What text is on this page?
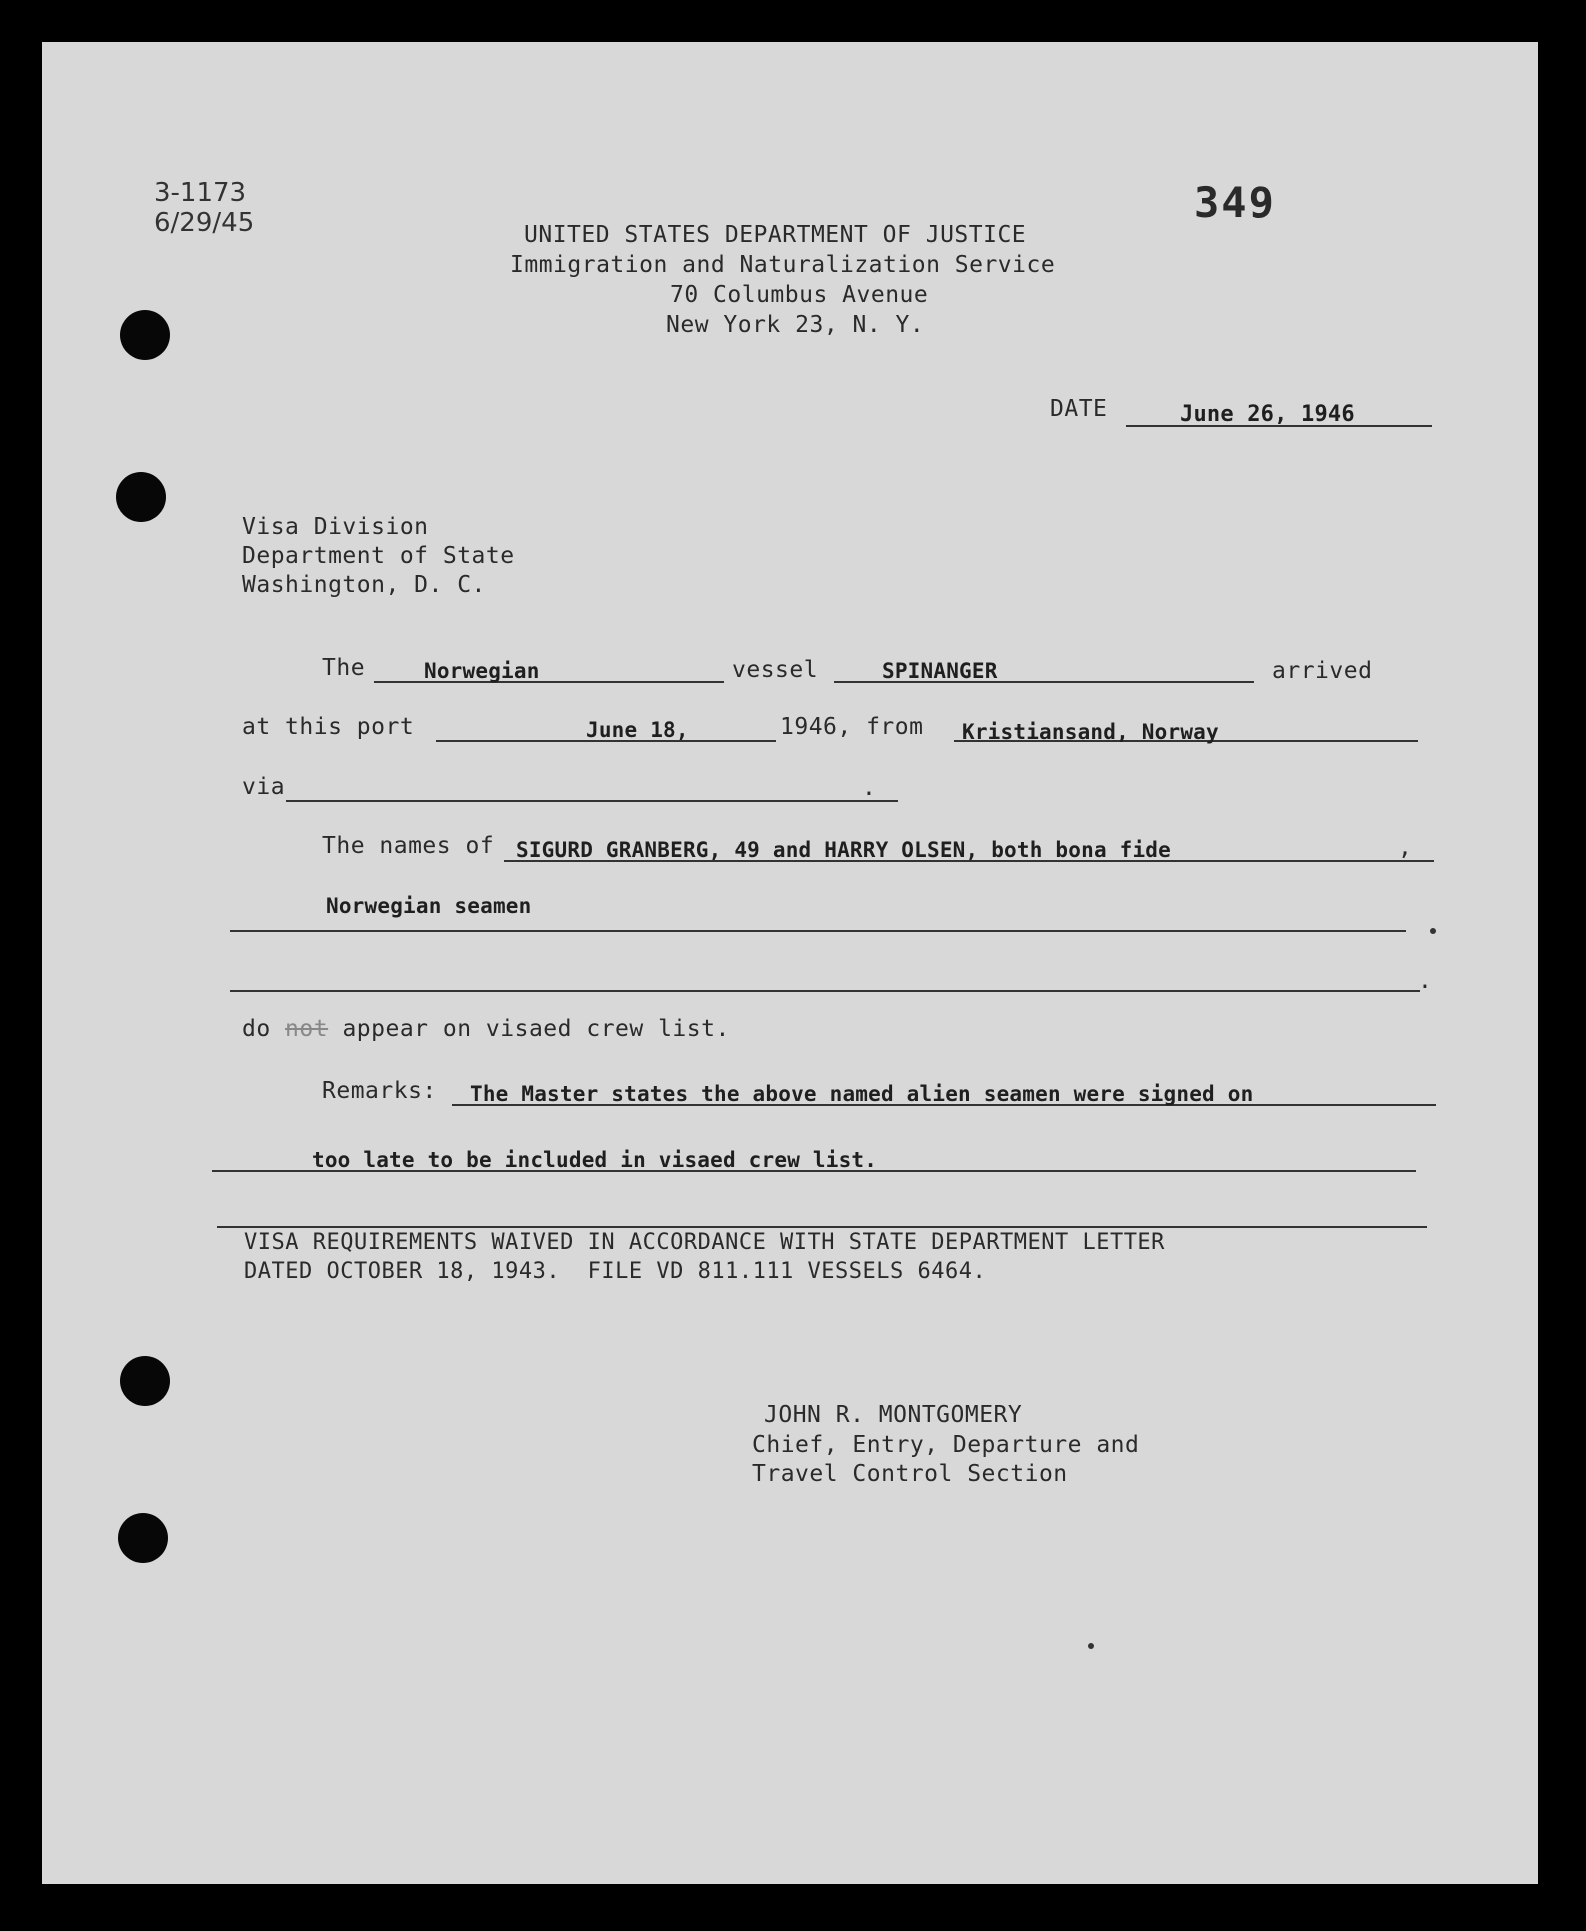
3-1173
6/29/45	349
UNITED STATES DEPARTMENT OF JUSTICE
Immigration and Naturalization Service
70 Columbus Avenue
New York 23, N. Y.
DATE	June 26, 1946
Visa Division
Department of State
Washington, D. C.
The	Norwegian	vessel	SPINANGER	arrived
at this port	June 18,	1946, from Kristiansand, Norway
via	.
The names of SIGURD GRANBERG, 49 and HARRY OLSEN, both bona fide	,
Norwegian seamen
.
do not appear on visaed crew list.
Remarks: The Master states the above named alien seamen were signed on
too late to be included in visaed crew list.
VISA REQUIREMENTS WAIVED IN ACCORDANCE WITH STATE DEPARTMENT LETTER
DATED OCTOBER 18, 1943.  FILE VD 811.111 VESSELS 6464.
JOHN R. MONTGOMERY
Chief, Entry, Departure and
Travel Control Section
